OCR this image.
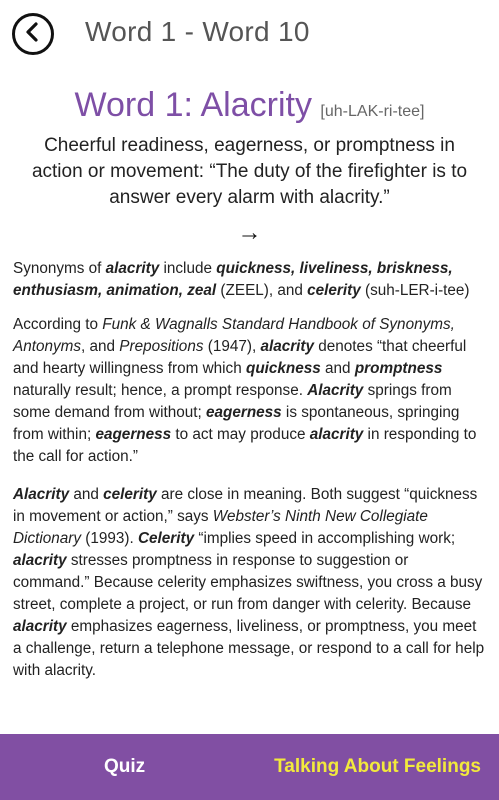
Word 1 - Word 10
Word 1: Alacrity [uh-LAK-ri-tee]
Cheerful readiness, eagerness, or promptness in action or movement: “The duty of the firefighter is to answer every alarm with alacrity.”
→

Synonyms of alacrity include quickness, liveliness, briskness, enthusiasm, animation, zeal (ZEEL), and celerity (suh-LER-i-tee)

According to Funk & Wagnalls Standard Handbook of Synonyms, Antonyms, and Prepositions (1947), alacrity denotes “that cheerful and hearty willingness from which quickness and promptness naturally result; hence, a prompt response. Alacrity springs from some demand from without; eagerness is spontaneous, springing from within; eagerness to act may produce alacrity in responding to the call for action.”

Alacrity and celerity are close in meaning. Both suggest “quickness in movement or action,” says Webster’s Ninth New Collegiate Dictionary (1993). Celerity “implies speed in accomplishing work; alacrity stresses promptness in response to suggestion or command.” Because celerity emphasizes swiftness, you cross a busy street, complete a project, or run from danger with celerity. Because alacrity emphasizes eagerness, liveliness, or promptness, you meet a challenge, return a telephone message, or respond to a call for help with alacrity.

Quiz	Talking About Feelings
